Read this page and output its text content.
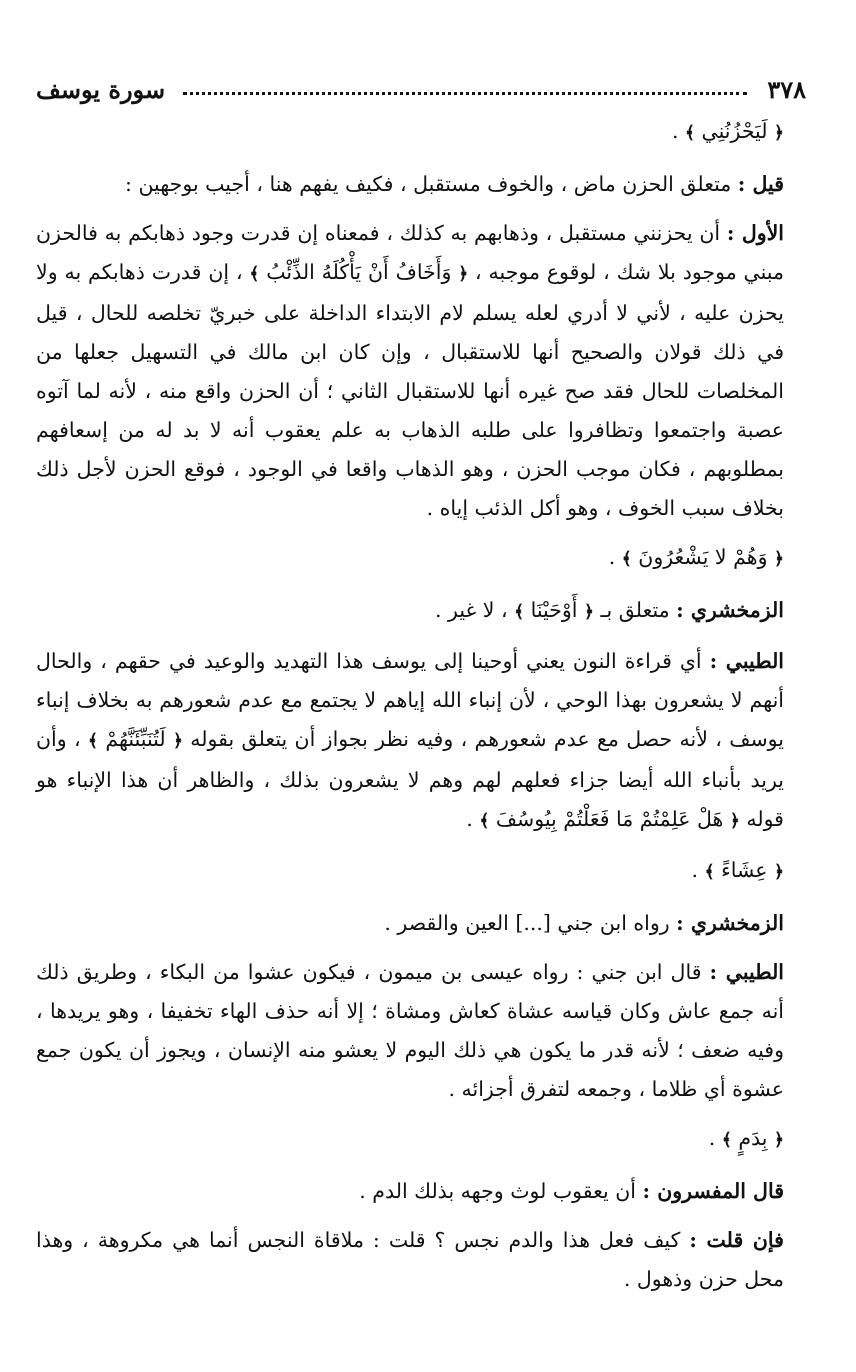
٣٧٨
سورة يوسف

﴿ لَيَحْزُنُنِي ﴾ .

قيل : متعلق الحزن ماض ، والخوف مستقبل ، فكيف يفهم هنا ، أجيب بوجهين :

الأول : أن يحزنني مستقبل ، وذهابهم به كذلك ، فمعناه إن قدرت وجود ذهابكم به فالحزن مبني موجود بلا شك ، لوقوع موجبه ، ﴿ وَأَخَافُ أَنْ يَأْكُلَهُ الذِّئْبُ ﴾ ، إن قدرت ذهابكم به ولا يحزن عليه ، لأني لا أدري لعله يسلم لام الابتداء الداخلة على خبريّ تخلصه للحال ، قيل في ذلك قولان والصحيح أنها للاستقبال ، وإن كان ابن مالك في التسهيل جعلها من المخلصات للحال فقد صح غيره أنها للاستقبال الثاني ؛ أن الحزن واقع منه ، لأنه لما آتوه عصبة واجتمعوا وتظافروا على طلبه الذهاب به علم يعقوب أنه لا بد له من إسعافهم بمطلوبهم ، فكان موجب الحزن ، وهو الذهاب واقعا في الوجود ، فوقع الحزن لأجل ذلك بخلاف سبب الخوف ، وهو أكل الذئب إياه .

﴿ وَهُمْ لا يَشْعُرُونَ ﴾ .

الزمخشري : متعلق بـ ﴿ أَوْحَيْنَا ﴾ ، لا غير .

الطيبي : أي قراءة النون يعني أوحينا إلى يوسف هذا التهديد والوعيد في حقهم ، والحال أنهم لا يشعرون بهذا الوحي ، لأن إنباء الله إياهم لا يجتمع مع عدم شعورهم به بخلاف إنباء يوسف ، لأنه حصل مع عدم شعورهم ، وفيه نظر بجواز أن يتعلق بقوله ﴿ لَتُنَبِّئَنَّهُمْ ﴾ ، وأن يريد بأنباء الله أيضا جزاء فعلهم لهم وهم لا يشعرون بذلك ، والظاهر أن هذا الإنباء هو قوله ﴿ هَلْ عَلِمْتُمْ مَا فَعَلْتُمْ بِيُوسُفَ ﴾ .

﴿ عِشَاءً ﴾ .

الزمخشري : رواه ابن جني [...] العين والقصر .

الطيبي : قال ابن جني : رواه عيسى بن ميمون ، فيكون عشوا من البكاء ، وطريق ذلك أنه جمع عاش وكان قياسه عشاة كعاش ومشاة ؛ إلا أنه حذف الهاء تخفيفا ، وهو يريدها ، وفيه ضعف ؛ لأنه قدر ما يكون هي ذلك اليوم لا يعشو منه الإنسان ، ويجوز أن يكون جمع عشوة أي ظلاما ، وجمعه لتفرق أجزائه .

﴿ بِدَمٍ ﴾ .

قال المفسرون : أن يعقوب لوث وجهه بذلك الدم .

فإن قلت : كيف فعل هذا والدم نجس ؟ قلت : ملاقاة النجس أنما هي مكروهة ، وهذا محل حزن وذهول .
